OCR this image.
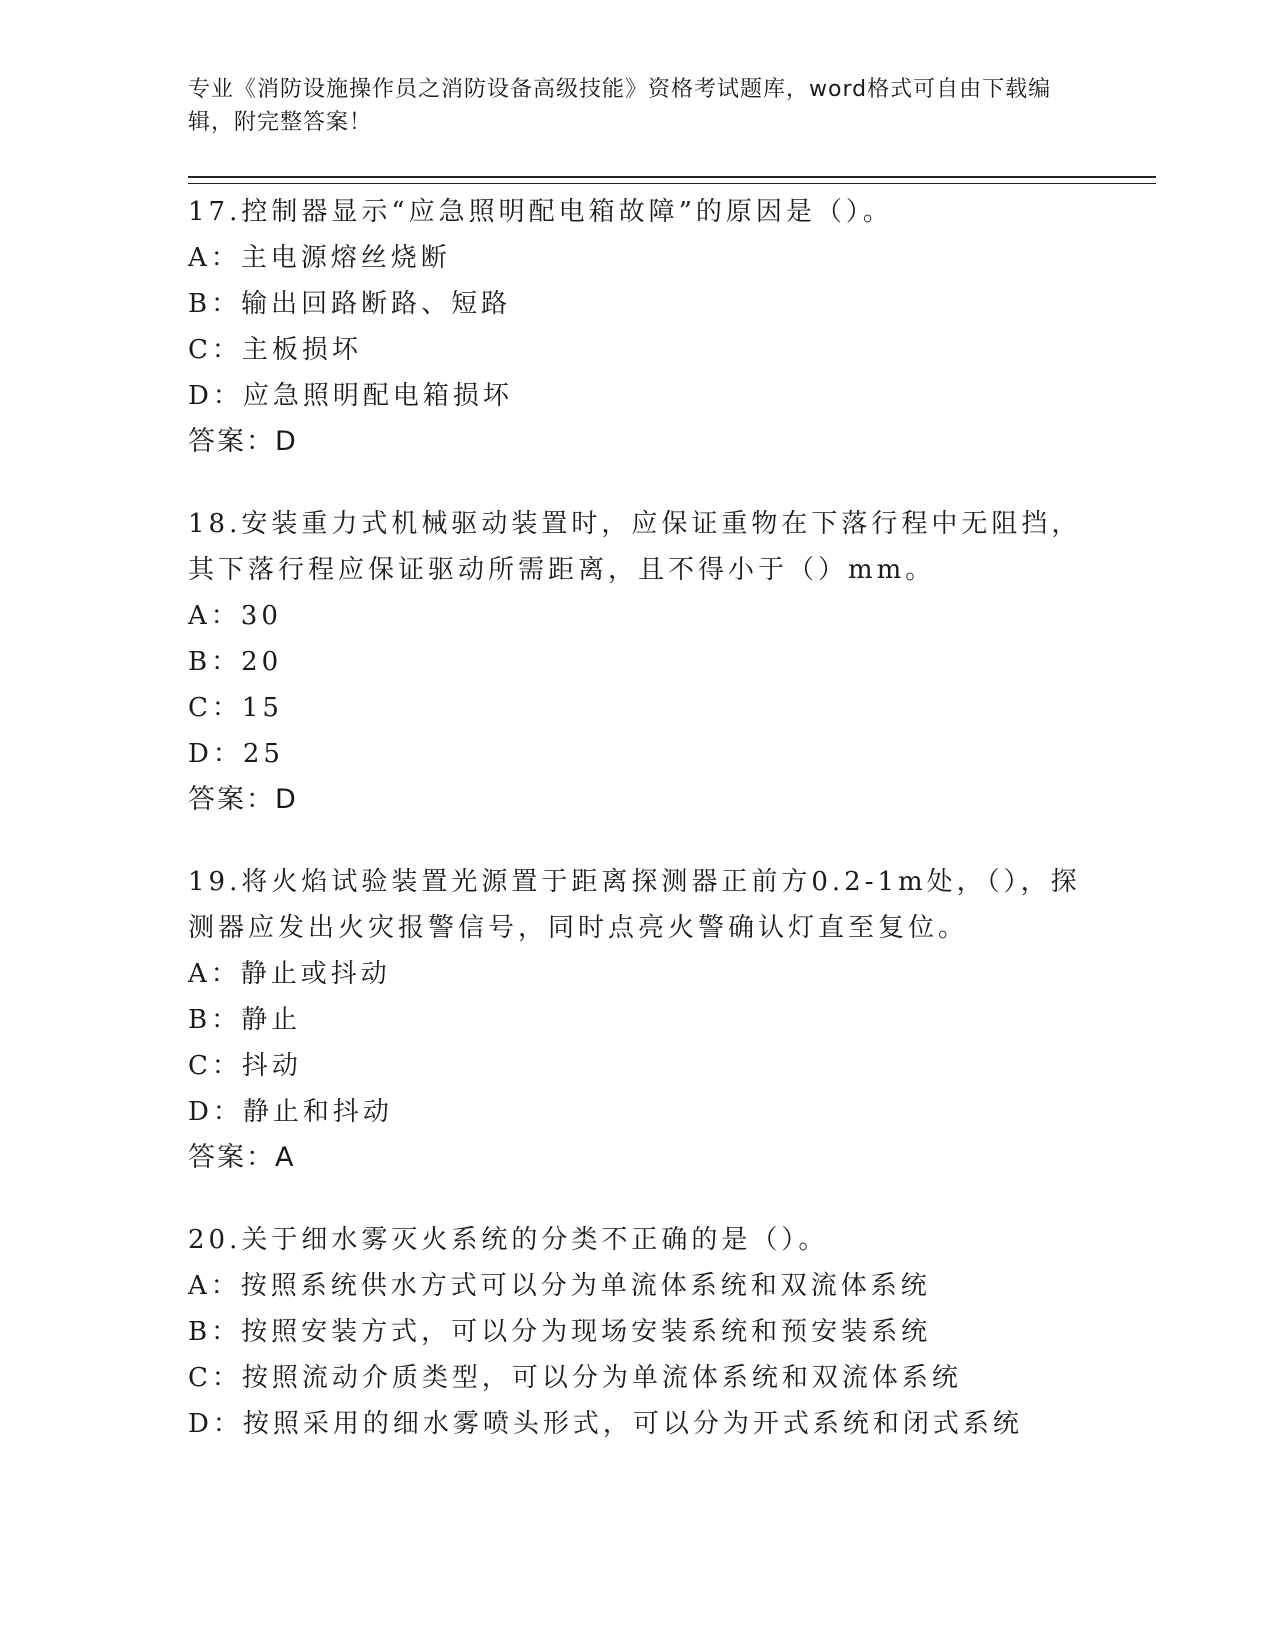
专业《消防设施操作员之消防设备高级技能》资格考试题库，word格式可自由下载编辑，附完整答案！
17.控制器显示“应急照明配电箱故障”的原因是（）。
A：主电源熔丝烧断
B：输出回路断路、短路
C：主板损坏
D：应急照明配电箱损坏
答案：D
18.安装重力式机械驱动装置时，应保证重物在下落行程中无阻挡，其下落行程应保证驱动所需距离，且不得小于（）mm。
A：30
B：20
C：15
D：25
答案：D
19.将火焰试验装置光源置于距离探测器正前方0.2-1m处，（），探测器应发出火灾报警信号，同时点亮火警确认灯直至复位。
A：静止或抖动
B：静止
C：抖动
D：静止和抖动
答案：A
20.关于细水雾灭火系统的分类不正确的是（）。
A：按照系统供水方式可以分为单流体系统和双流体系统
B：按照安装方式，可以分为现场安装系统和预安装系统
C：按照流动介质类型，可以分为单流体系统和双流体系统
D：按照采用的细水雾喷头形式，可以分为开式系统和闭式系统
